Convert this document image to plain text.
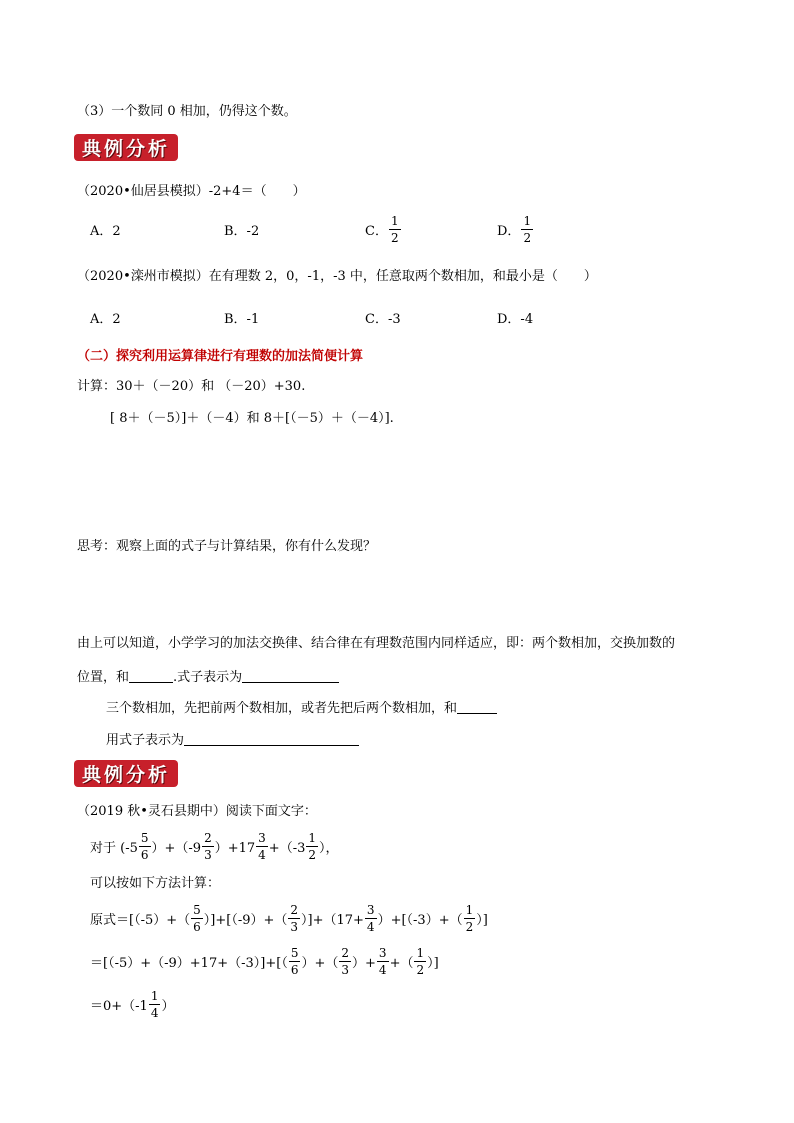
（3）一个数同 0 相加，仍得这个数。
典例分析
（2020•仙居县模拟）-2+4＝（　　）
A．2	B．-2	C． $\frac{1}{2}$	D． $\frac{1}{2}$
（2020•滦州市模拟）在有理数 2，0，-1，-3 中，任意取两个数相加，和最小是（　　）
A．2	B．-1	C．-3	D．-4
（二）探究利用运算律进行有理数的加法简便计算
计算：30＋（－20）和 （－20）+30.
[ 8＋（－5）]＋（－4）和 8＋[（－5）＋（－4）].
思考：观察上面的式子与计算结果，你有什么发现？
由上可以知道，小学学习的加法交换律、结合律在有理数范围内同样适应，即：两个数相加，交换加数的
位置，和	.式子表示为
三个数相加，先把前两个数相加，或者先把后两个数相加，和
用式子表示为
典例分析
（2019 秋•灵石县期中）阅读下面文字：
对于 $(-5 \frac{5}{6} )+(-9 \frac{2}{3} )+17 \frac{3}{4} +(-3 \frac{1}{2}$ ），
可以按如下方法计算：
原式$=[(-5)+( \frac{5}{6} )]+[(-9)+( \frac{2}{3} )]+(17+ \frac{3}{4} )+[(-3)+( \frac{1}{2}$ ）]
$=[(-5)+(-9)+17+(-3)]+[( \frac{5}{6}$ ）+（ $\frac{2}{3}$ ）+ $\frac{3}{4}$ +（ $\frac{1}{2}$ ）]
$=0+(-1 \frac{1}{4}$ ）
